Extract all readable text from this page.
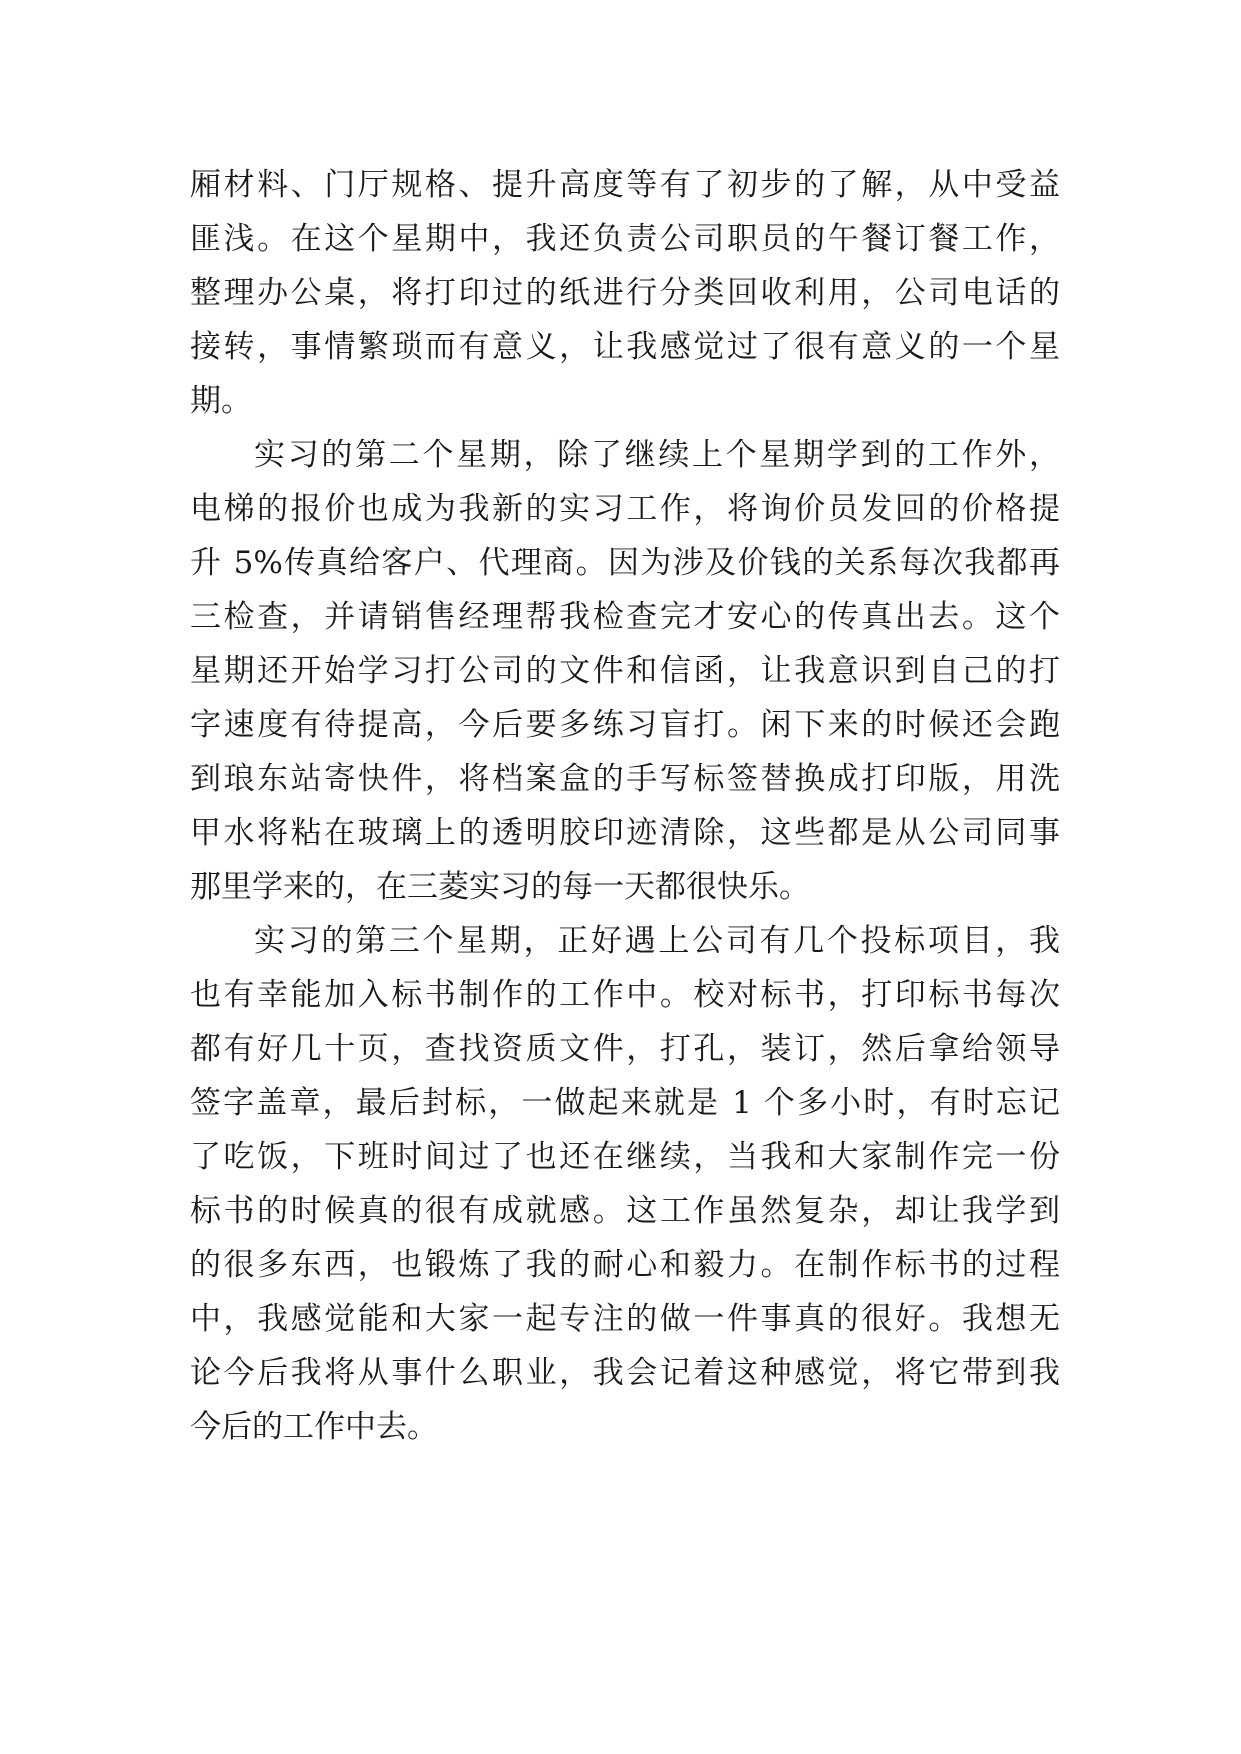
厢材料、门厅规格、提升高度等有了初步的了解，从中受益
匪浅。在这个星期中，我还负责公司职员的午餐订餐工作，
整理办公桌，将打印过的纸进行分类回收利用，公司电话的
接转，事情繁琐而有意义，让我感觉过了很有意义的一个星
期。
实习的第二个星期，除了继续上个星期学到的工作外，
电梯的报价也成为我新的实习工作，将询价员发回的价格提
升 5%传真给客户、代理商。因为涉及价钱的关系每次我都再
三检查，并请销售经理帮我检查完才安心的传真出去。这个
星期还开始学习打公司的文件和信函，让我意识到自己的打
字速度有待提高，今后要多练习盲打。闲下来的时候还会跑
到琅东站寄快件，将档案盒的手写标签替换成打印版，用洗
甲水将粘在玻璃上的透明胶印迹清除，这些都是从公司同事
那里学来的，在三菱实习的每一天都很快乐。
实习的第三个星期，正好遇上公司有几个投标项目，我
也有幸能加入标书制作的工作中。校对标书，打印标书每次
都有好几十页，查找资质文件，打孔，装订，然后拿给领导
签字盖章，最后封标，一做起来就是 1 个多小时，有时忘记
了吃饭，下班时间过了也还在继续，当我和大家制作完一份
标书的时候真的很有成就感。这工作虽然复杂，却让我学到
的很多东西，也锻炼了我的耐心和毅力。在制作标书的过程
中，我感觉能和大家一起专注的做一件事真的很好。我想无
论今后我将从事什么职业，我会记着这种感觉，将它带到我
今后的工作中去。
